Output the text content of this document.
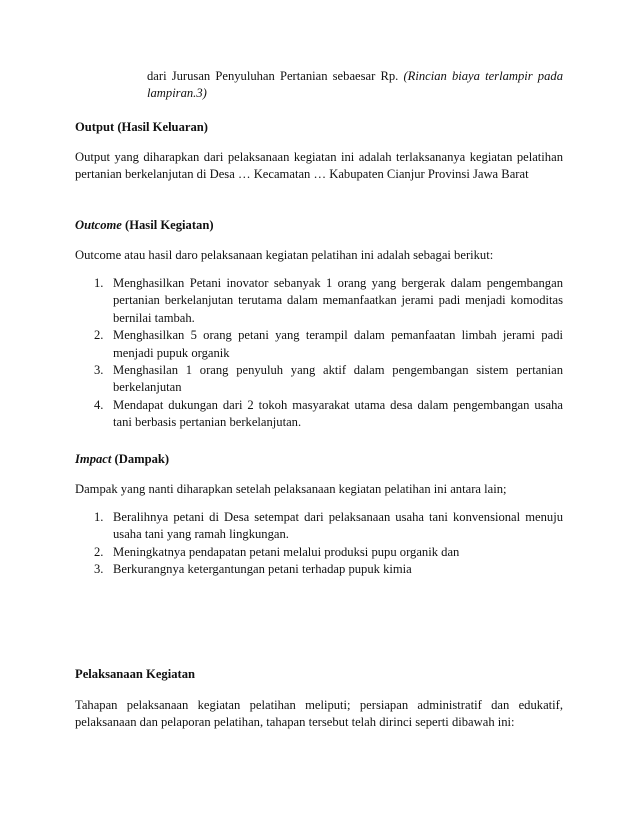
dari Jurusan Penyuluhan Pertanian sebaesar Rp. (Rincian biaya terlampir pada lampiran.3)

Output (Hasil Keluaran)

Output yang diharapkan dari pelaksanaan kegiatan ini adalah terlaksananya kegiatan pelatihan pertanian berkelanjutan di Desa … Kecamatan … Kabupaten Cianjur Provinsi Jawa Barat

Outcome (Hasil Kegiatan)

Outcome atau hasil daro pelaksanaan kegiatan pelatihan ini adalah sebagai berikut:

1. Menghasilkan Petani inovator sebanyak 1 orang yang bergerak dalam pengembangan pertanian berkelanjutan terutama dalam memanfaatkan jerami padi menjadi komoditas bernilai tambah.
2. Menghasilkan 5 orang petani yang terampil dalam pemanfaatan limbah jerami padi menjadi pupuk organik
3. Menghasilan 1 orang penyuluh yang aktif dalam pengembangan sistem pertanian berkelanjutan
4. Mendapat dukungan dari 2 tokoh masyarakat utama desa dalam pengembangan usaha tani berbasis pertanian berkelanjutan.

Impact (Dampak)

Dampak yang nanti diharapkan setelah pelaksanaan kegiatan pelatihan ini antara lain;

1. Beralihnya petani di Desa setempat dari pelaksanaan usaha tani konvensional menuju usaha tani yang ramah lingkungan.
2. Meningkatnya pendapatan petani melalui produksi pupu organik dan
3. Berkurangnya ketergantungan petani terhadap pupuk kimia

Pelaksanaan Kegiatan

Tahapan pelaksanaan kegiatan pelatihan meliputi; persiapan administratif dan edukatif, pelaksanaan dan pelaporan pelatihan, tahapan tersebut telah dirinci seperti dibawah ini:
